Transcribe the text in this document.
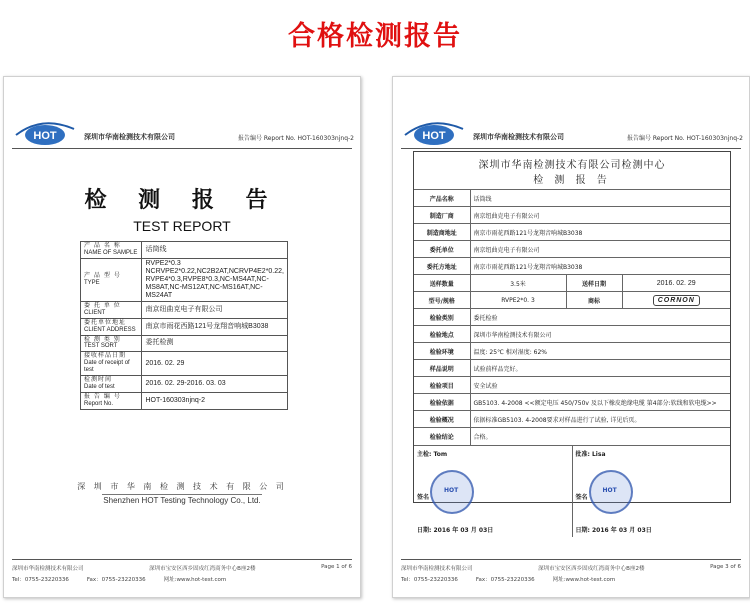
合格检测报告
HOT	深圳市华南检测技术有限公司	报告编号 Report No. HOT-160303njnq-2
检 测 报 告
TEST REPORT
产 品 名 称
NAME OF SAMPLE	话筒线

产 品 型 号
TYPE	RVPE2*0.3
NCRVPE2*0.22,NC2B2AT,NCRVP4E2*0.22,
RVPE4*0.3,RVPE8*0.3,NC-MS4AT,NC-MS8AT,NC-MS12AT,NC-MS16AT,NC-MS24AT

委 托 单 位
CLIENT	南京纽曲克电子有限公司

委托单位地址
CLIENT ADDRESS	南京市雨花西路121号龙翔音响城B3038

检 测 类 别
TEST SORT	委托检测

接收样品日期
Date of receipt of test	2016. 02. 29

检测时间
Date of test	2016. 02. 29-2016. 03. 03

报 告 编 号
Report No.	HOT-160303njnq-2
深 圳 市 华 南 检 测 技 术 有 限 公 司
Shenzhen HOT Testing Technology Co., Ltd.
深圳市华南检测技术有限公司	深圳市宝安区西乡固戍红湾商务中心B座2楼	Page 1 of 6
Tel：0755-23220336	Fax：0755-23220336	网址:www.hot-test.com
HOT	深圳市华南检测技术有限公司	报告编号 Report No. HOT-160303njnq-2
深圳市华南检测技术有限公司检测中心
检 测 报 告
产品名称	话筒线		
制造厂商	南京纽曲克电子有限公司		
制造商地址	南京市雨花西路121号龙翔音响城B3038		
委托单位	南京纽曲克电子有限公司		
委托方地址	南京市雨花西路121号龙翔音响城B3038		
送样数量	3.5米	送样日期	2016. 02. 29
型号/规格	RVPE2*0. 3	商标	CORNON
检验类别	委托检验		
检验地点	深圳市华南检测技术有限公司		
检验环境	温度: 25℃ 相对湿度: 62%		
样品说明	试验前样品完好。		
检验项目	安全试验		
检验依据	GB5103. 4-2008 <<额定电压 450/750v 及以下橡皮绝缘电缆 第4部分:软线和软电缆>>		
检验概况	依据标准GB5103. 4-2008要求对样品进行了试验, 详见后页。		
检验结论	合格。		
主检: Tom
HOT
签名
日期: 2016 年 03 月 03日
批准: Lisa
HOT
签名
日期: 2016 年 03 月 03日
深圳市华南检测技术有限公司	深圳市宝安区西乡固戍红湾商务中心B座2楼	Page 3 of 6
Tel：0755-23220336	Fax：0755-23220336	网址:www.hot-test.com
